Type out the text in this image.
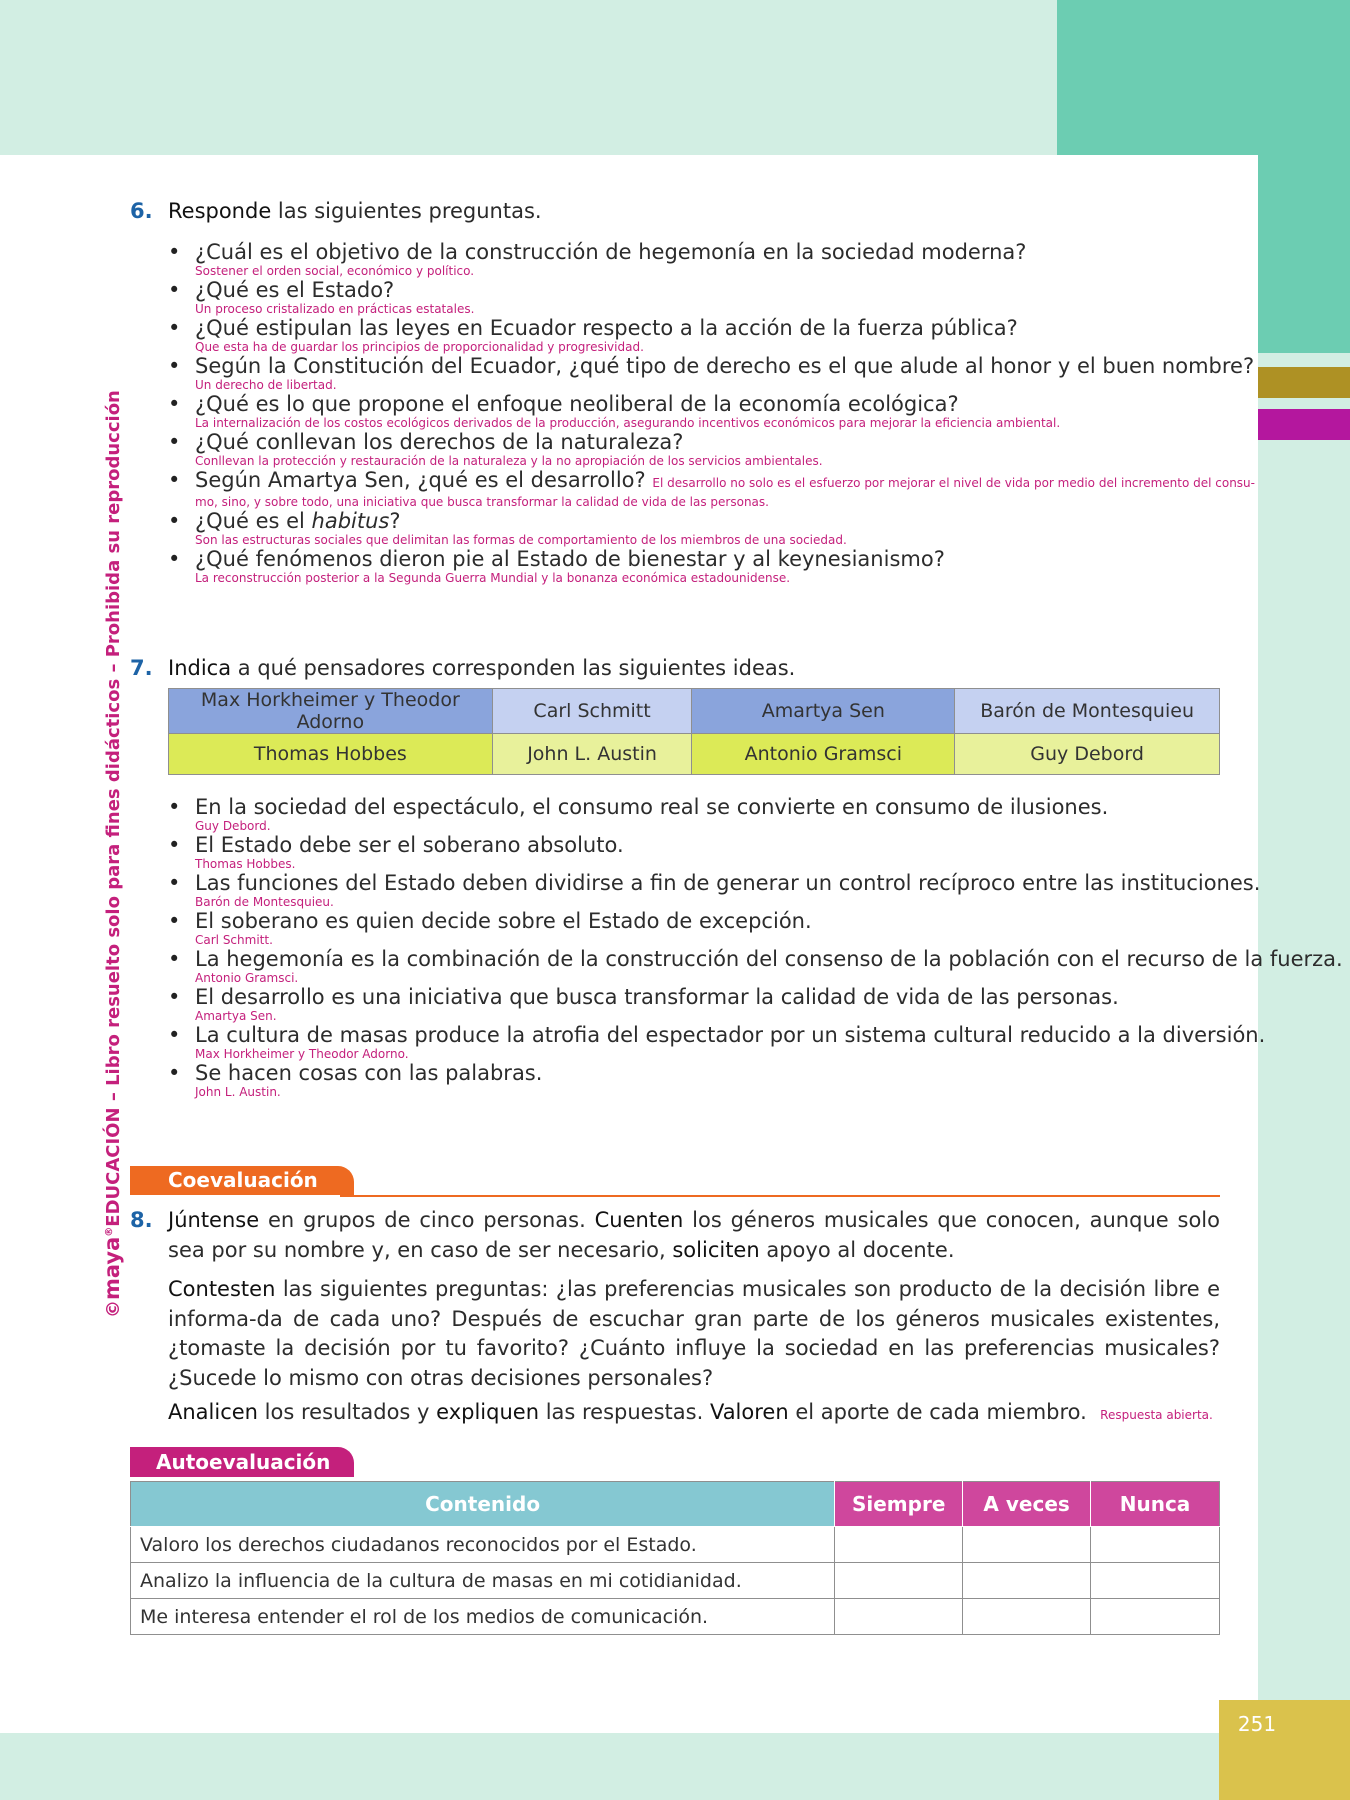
251
©maya®EDUCACIÓN – Libro resuelto solo para fines didácticos – Prohibida su reproducción
6. Responde las siguientes preguntas.
• ¿Cuál es el objetivo de la construcción de hegemonía en la sociedad moderna?
Sostener el orden social, económico y político.
• ¿Qué es el Estado?
Un proceso cristalizado en prácticas estatales.
• ¿Qué estipulan las leyes en Ecuador respecto a la acción de la fuerza pública?
Que esta ha de guardar los principios de proporcionalidad y progresividad.
• Según la Constitución del Ecuador, ¿qué tipo de derecho es el que alude al honor y el buen nombre?
Un derecho de libertad.
• ¿Qué es lo que propone el enfoque neoliberal de la economía ecológica?
La internalización de los costos ecológicos derivados de la producción, asegurando incentivos económicos para mejorar la eficiencia ambiental.
• ¿Qué conllevan los derechos de la naturaleza?
Conllevan la protección y restauración de la naturaleza y la no apropiación de los servicios ambientales.
• Según Amartya Sen, ¿qué es el desarrollo? El desarrollo no solo es el esfuerzo por mejorar el nivel de vida por medio del incremento del consu-
mo, sino, y sobre todo, una iniciativa que busca transformar la calidad de vida de las personas.
• ¿Qué es el habitus?
Son las estructuras sociales que delimitan las formas de comportamiento de los miembros de una sociedad.
• ¿Qué fenómenos dieron pie al Estado de bienestar y al keynesianismo?
La reconstrucción posterior a la Segunda Guerra Mundial y la bonanza económica estadounidense.
7. Indica a qué pensadores corresponden las siguientes ideas.
Max Horkheimer y Theodor Adorno	Carl Schmitt	Amartya Sen	Barón de Montesquieu
Thomas Hobbes	John L. Austin	Antonio Gramsci	Guy Debord
• En la sociedad del espectáculo, el consumo real se convierte en consumo de ilusiones.
Guy Debord.
• El Estado debe ser el soberano absoluto.
Thomas Hobbes.
• Las funciones del Estado deben dividirse a fin de generar un control recíproco entre las instituciones.
Barón de Montesquieu.
• El soberano es quien decide sobre el Estado de excepción.
Carl Schmitt.
• La hegemonía es la combinación de la construcción del consenso de la población con el recurso de la fuerza.
Antonio Gramsci.
• El desarrollo es una iniciativa que busca transformar la calidad de vida de las personas.
Amartya Sen.
• La cultura de masas produce la atrofia del espectador por un sistema cultural reducido a la diversión.
Max Horkheimer y Theodor Adorno.
• Se hacen cosas con las palabras.
John L. Austin.
Coevaluación
8. Júntense en grupos de cinco personas. Cuenten los géneros musicales que conocen, aunque solo sea por su nombre y, en caso de ser necesario, soliciten apoyo al docente.
Contesten las siguientes preguntas: ¿las preferencias musicales son producto de la decisión libre e informa-da de cada uno? Después de escuchar gran parte de los géneros musicales existentes, ¿tomaste la decisión por tu favorito? ¿Cuánto influye la sociedad en las preferencias musicales? ¿Sucede lo mismo con otras decisiones personales?
Analicen los resultados y expliquen las respuestas. Valoren el aporte de cada miembro. Respuesta abierta.
Autoevaluación
Contenido	Siempre	A veces	Nunca
Valoro los derechos ciudadanos reconocidos por el Estado.			
Analizo la influencia de la cultura de masas en mi cotidianidad.			
Me interesa entender el rol de los medios de comunicación.			
